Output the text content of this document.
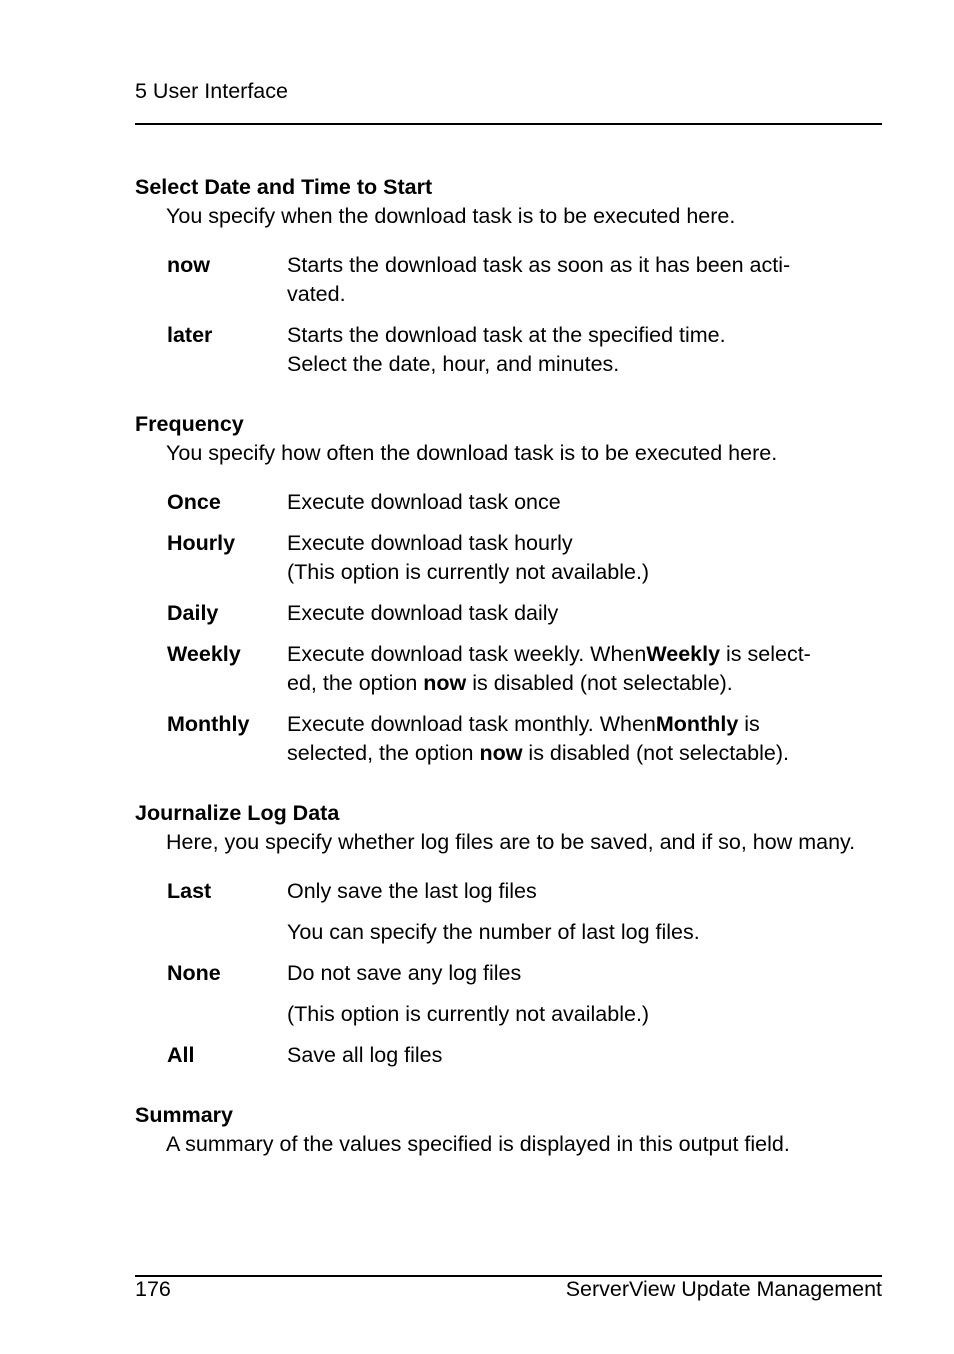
5 User Interface
Select Date and Time to Start
You specify when the download task is to be executed here.
now	Starts the download task as soon as it has been acti-
vated.
later	Starts the download task at the specified time.
Select the date, hour, and minutes.
Frequency
You specify how often the download task is to be executed here.
Once	Execute download task once
Hourly Execute download task hourly
(This option is currently not available.)
Daily	Execute download task daily
Weekly Execute download task weekly. WhenWeekly is select-
ed, the option now is disabled (not selectable).
Monthly Execute download task monthly. WhenMonthly is
selected, the option now is disabled (not selectable).
Journalize Log Data
Here, you specify whether log files are to be saved, and if so, how many.
Last	Only save the last log files
You can specify the number of last log files.
None	Do not save any log files
(This option is currently not available.)
All	Save all log files
Summary
A summary of the values specified is displayed in this output field.
176	ServerView Update Management
